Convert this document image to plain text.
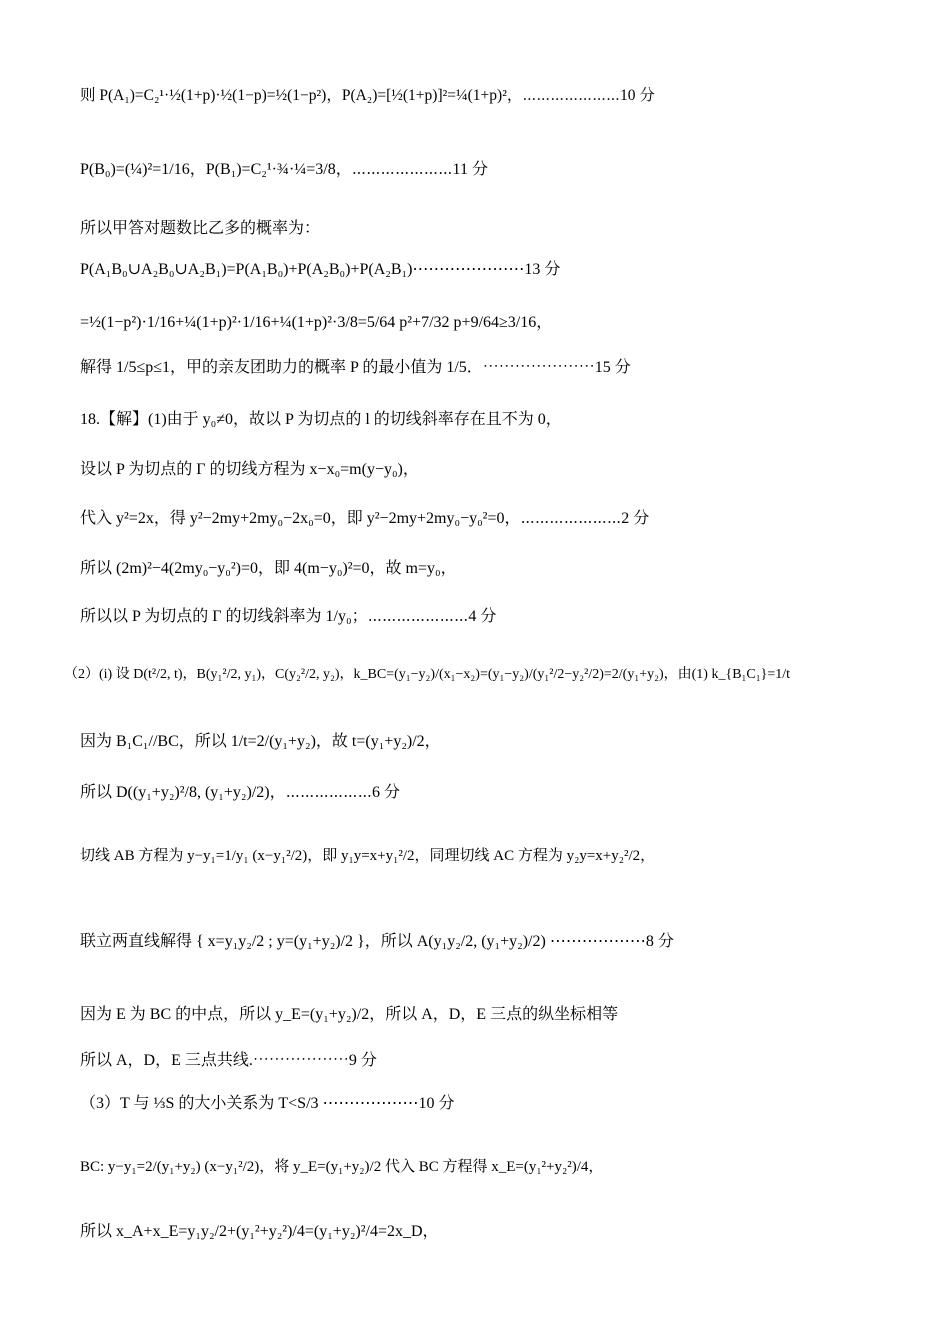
则 P(A₁)=C₂¹·½(1+p)·½(1−p)=½(1−p²)，P(A₂)=[½(1+p)]²=¼(1+p)²，⋯⋯⋯⋯⋯⋯⋯10 分
P(B₀)=(¼)²=1/16，P(B₁)=C₂¹·¾·¼=3/8，⋯⋯⋯⋯⋯⋯⋯11 分
所以甲答对题数比乙多的概率为：
P(A₁B₀∪A₂B₀∪A₂B₁)=P(A₁B₀)+P(A₂B₀)+P(A₂B₁)⋯⋯⋯⋯⋯⋯⋯13 分
=½(1−p²)·1/16+¼(1+p)²·1/16+¼(1+p)²·3/8=5/64 p²+7/32 p+9/64≥3/16，
解得 1/5≤p≤1，甲的亲友团助力的概率 P 的最小值为 1/5．⋯⋯⋯⋯⋯⋯⋯15 分
18.【解】(1)由于 y₀≠0，故以 P 为切点的 l 的切线斜率存在且不为 0，
设以 P 为切点的 Γ 的切线方程为 x−x₀=m(y−y₀)，
代入 y²=2x，得 y²−2my+2my₀−2x₀=0，即 y²−2my+2my₀−y₀²=0，⋯⋯⋯⋯⋯⋯⋯2 分
所以 (2m)²−4(2my₀−y₀²)=0，即 4(m−y₀)²=0，故 m=y₀，
所以以 P 为切点的 Γ 的切线斜率为 1/y₀；⋯⋯⋯⋯⋯⋯⋯4 分
（2）(i) 设 D(t²/2, t)，B(y₁²/2, y₁)，C(y₂²/2, y₂)，k_BC=(y₁−y₂)/(x₁−x₂)=(y₁−y₂)/(y₁²/2−y₂²/2)=2/(y₁+y₂)，由(1) k_{B₁C₁}=1/t
因为 B₁C₁//BC，所以 1/t=2/(y₁+y₂)，故 t=(y₁+y₂)/2，
所以 D((y₁+y₂)²/8, (y₁+y₂)/2)，⋯⋯⋯⋯⋯⋯6 分
切线 AB 方程为 y−y₁=1/y₁ (x−y₁²/2)，即 y₁y=x+y₁²/2，同理切线 AC 方程为 y₂y=x+y₂²/2，
联立两直线解得 { x=y₁y₂/2 ; y=(y₁+y₂)/2 }，所以 A(y₁y₂/2, (y₁+y₂)/2) ⋯⋯⋯⋯⋯⋯8 分
因为 E 为 BC 的中点，所以 y_E=(y₁+y₂)/2，所以 A，D，E 三点的纵坐标相等
所以 A，D，E 三点共线.⋯⋯⋯⋯⋯⋯9 分
（3）T 与 ⅓S 的大小关系为 T<S/3 ⋯⋯⋯⋯⋯⋯10 分
BC: y−y₁=2/(y₁+y₂) (x−y₁²/2)，将 y_E=(y₁+y₂)/2 代入 BC 方程得 x_E=(y₁²+y₂²)/4，
所以 x_A+x_E=y₁y₂/2+(y₁²+y₂²)/4=(y₁+y₂)²/4=2x_D，
